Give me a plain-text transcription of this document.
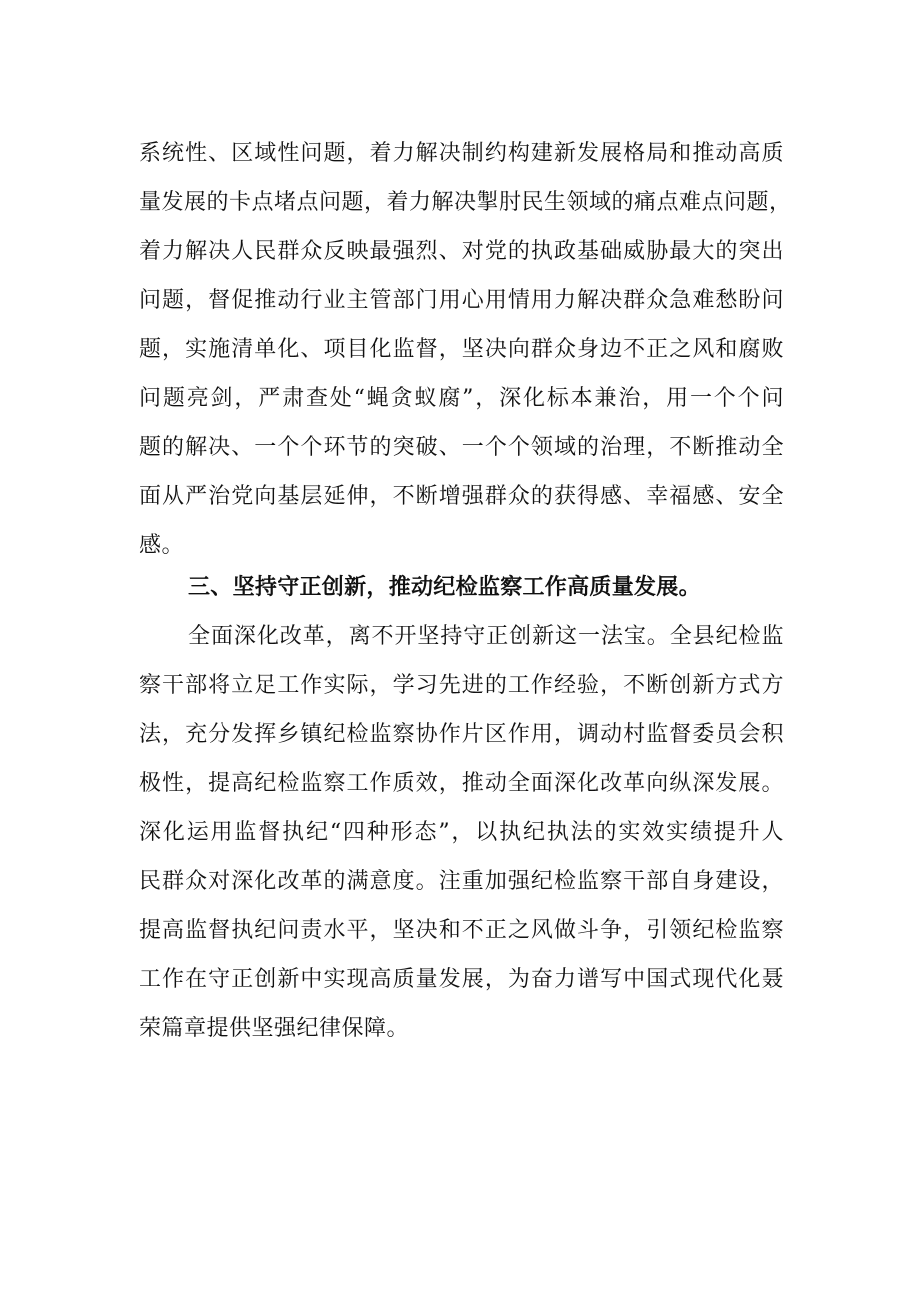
系统性、区域性问题，着力解决制约构建新发展格局和推动高质
量发展的卡点堵点问题，着力解决掣肘民生领域的痛点难点问题，
着力解决人民群众反映最强烈、对党的执政基础威胁最大的突出
问题，督促推动行业主管部门用心用情用力解决群众急难愁盼问
题，实施清单化、项目化监督，坚决向群众身边不正之风和腐败
问题亮剑，严肃查处“蝇贪蚁腐”，深化标本兼治，用一个个问
题的解决、一个个环节的突破、一个个领域的治理，不断推动全
面从严治党向基层延伸，不断增强群众的获得感、幸福感、安全
感。
三、坚持守正创新，推动纪检监察工作高质量发展。
全面深化改革，离不开坚持守正创新这一法宝。全县纪检监
察干部将立足工作实际，学习先进的工作经验，不断创新方式方
法，充分发挥乡镇纪检监察协作片区作用，调动村监督委员会积
极性，提高纪检监察工作质效，推动全面深化改革向纵深发展。
深化运用监督执纪“四种形态”，以执纪执法的实效实绩提升人
民群众对深化改革的满意度。注重加强纪检监察干部自身建设，
提高监督执纪问责水平，坚决和不正之风做斗争，引领纪检监察
工作在守正创新中实现高质量发展，为奋力谱写中国式现代化聂
荣篇章提供坚强纪律保障。
